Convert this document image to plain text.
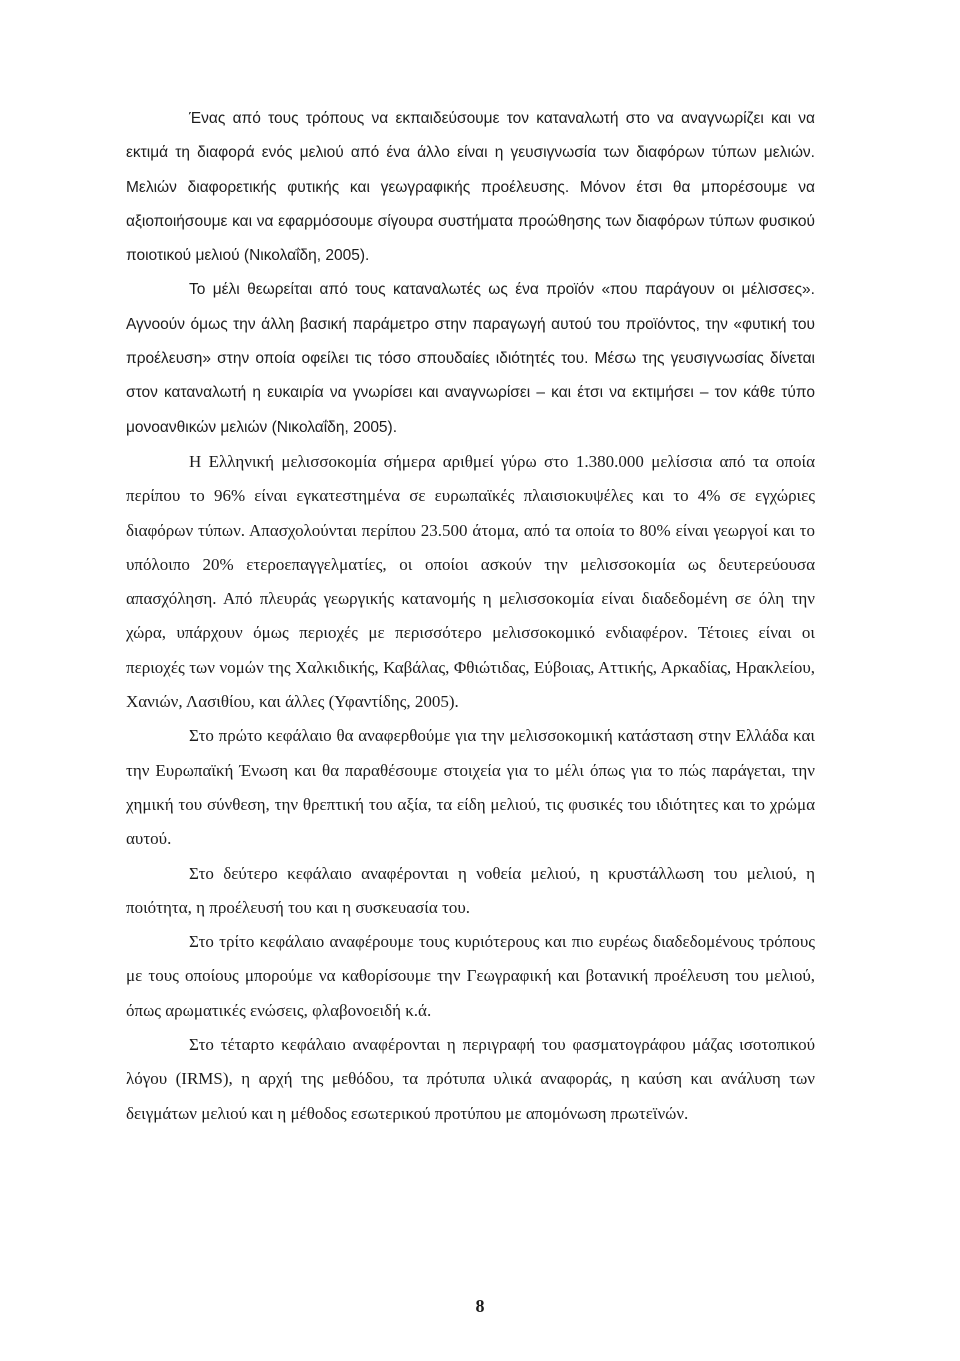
Ένας από τους τρόπους να εκπαιδεύσουμε τον καταναλωτή στο να αναγνωρίζει και να εκτιμά τη διαφορά ενός μελιού από ένα άλλο είναι η γευσιγνωσία των διαφόρων τύπων μελιών. Μελιών διαφορετικής φυτικής και γεωγραφικής προέλευσης. Μόνον έτσι θα μπορέσουμε να αξιοποιήσουμε και να εφαρμόσουμε σίγουρα συστήματα προώθησης των διαφόρων τύπων φυσικού ποιοτικού μελιού (Νικολαΐδη, 2005).

Το μέλι θεωρείται από τους καταναλωτές ως ένα προϊόν «που παράγουν οι μέλισσες». Αγνοούν όμως την άλλη βασική παράμετρο στην παραγωγή αυτού του προϊόντος, την «φυτική του προέλευση» στην οποία οφείλει τις τόσο σπουδαίες ιδιότητές του. Μέσω της γευσιγνωσίας δίνεται στον καταναλωτή η ευκαιρία να γνωρίσει και αναγνωρίσει – και έτσι να εκτιμήσει – τον κάθε τύπο μονοανθικών μελιών (Νικολαΐδη, 2005).

Η Ελληνική μελισσοκομία σήμερα αριθμεί γύρω στο 1.380.000 μελίσσια από τα οποία περίπου το 96% είναι εγκατεστημένα σε ευρωπαϊκές πλαισιοκυψέλες και το 4% σε εγχώριες διαφόρων τύπων. Απασχολούνται περίπου 23.500 άτομα, από τα οποία το 80% είναι γεωργοί και το υπόλοιπο 20% ετεροεπαγγελματίες, οι οποίοι ασκούν την μελισσοκομία ως δευτερεύουσα απασχόληση. Από πλευράς γεωργικής κατανομής η μελισσοκομία είναι διαδεδομένη σε όλη την χώρα, υπάρχουν όμως περιοχές με περισσότερο μελισσοκομικό ενδιαφέρον. Τέτοιες είναι οι περιοχές των νομών της Χαλκιδικής, Καβάλας, Φθιώτιδας, Εύβοιας, Αττικής, Αρκαδίας, Ηρακλείου, Χανιών, Λασιθίου, και άλλες (Υφαντίδης, 2005).

Στο πρώτο κεφάλαιο θα αναφερθούμε για την μελισσοκομική κατάσταση στην Ελλάδα και την Ευρωπαϊκή Ένωση και θα παραθέσουμε στοιχεία για το μέλι όπως για το πώς παράγεται, την χημική του σύνθεση, την θρεπτική του αξία, τα είδη μελιού, τις φυσικές του ιδιότητες και το χρώμα αυτού.

Στο δεύτερο κεφάλαιο αναφέρονται η νοθεία μελιού, η κρυστάλλωση του μελιού, η ποιότητα, η προέλευσή του και η συσκευασία του.

Στο τρίτο κεφάλαιο αναφέρουμε τους κυριότερους και πιο ευρέως διαδεδομένους τρόπους με τους οποίους μπορούμε να καθορίσουμε την Γεωγραφική και βοτανική προέλευση του μελιού, όπως αρωματικές ενώσεις, φλαβονοειδή κ.ά.

Στο τέταρτο κεφάλαιο αναφέρονται η περιγραφή του φασματογράφου μάζας ισοτοπικού λόγου (IRMS), η αρχή της μεθόδου, τα πρότυπα υλικά αναφοράς, η καύση και ανάλυση των δειγμάτων μελιού και η μέθοδος εσωτερικού προτύπου με απομόνωση πρωτεϊνών.

8
